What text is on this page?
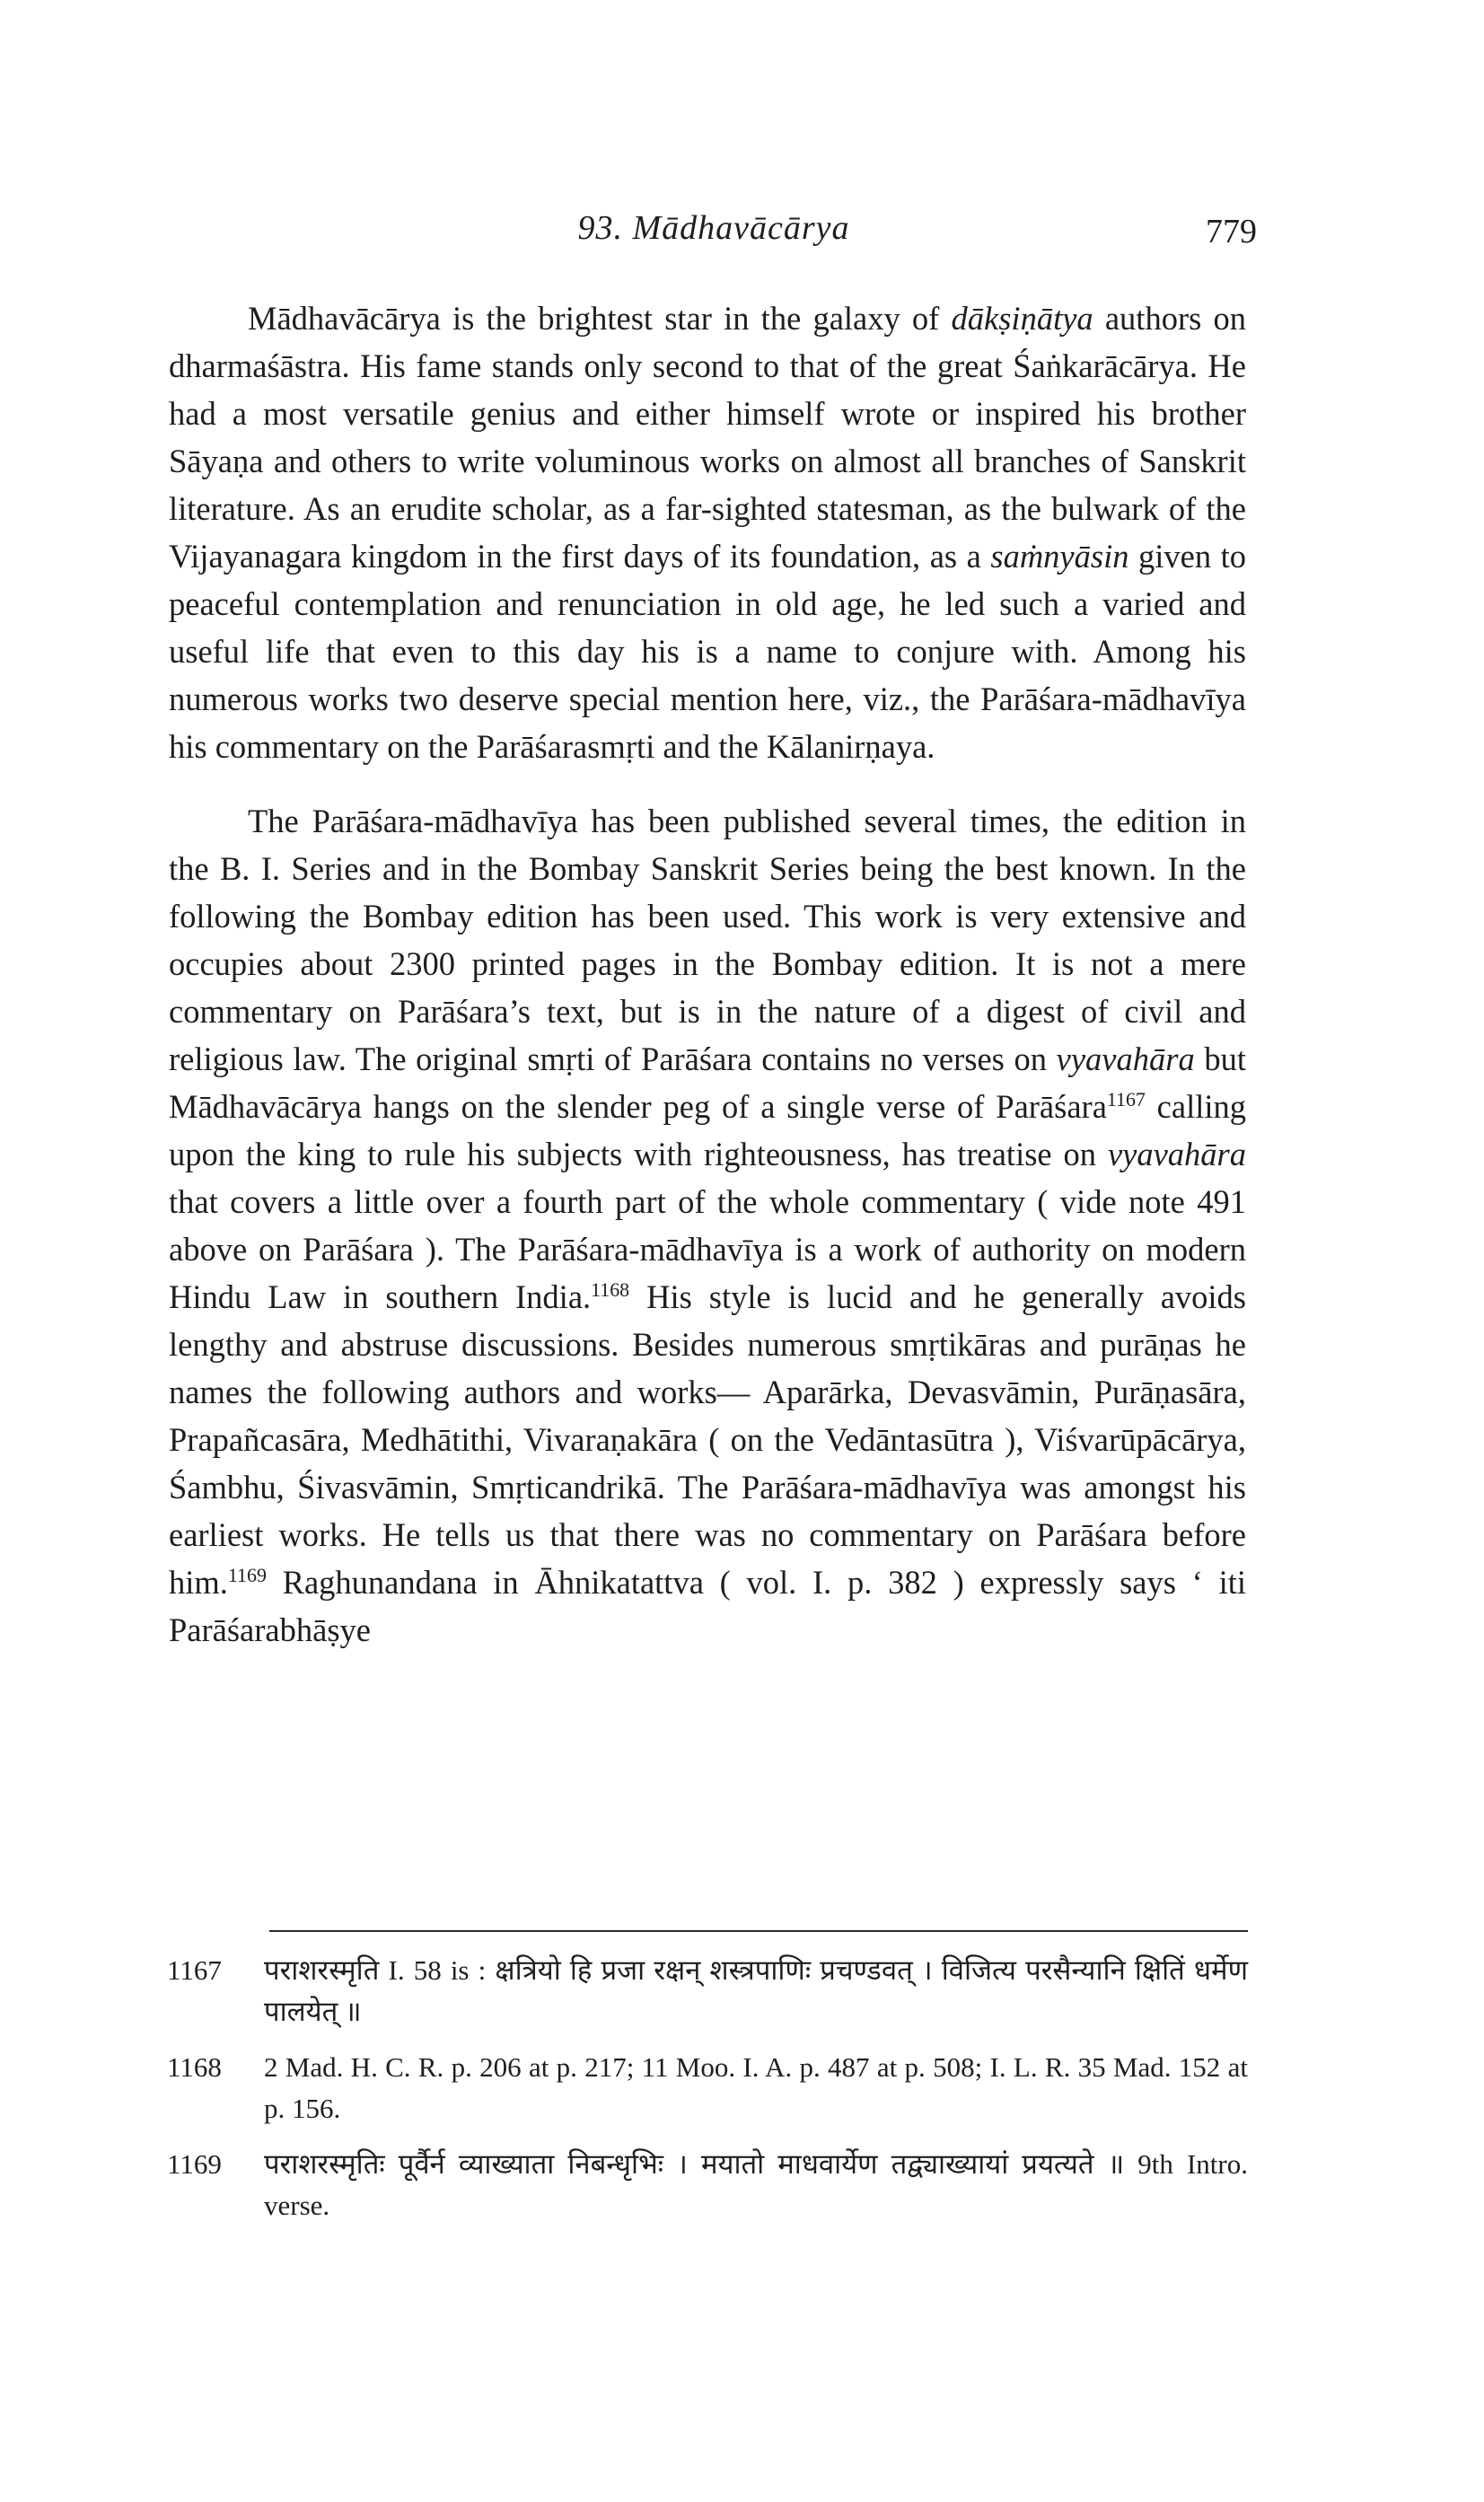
93. Mādhavācārya	779

Mādhavācārya is the brightest star in the galaxy of dākṣiṇātya authors on dharmaśāstra. His fame stands only second to that of the great Śaṅkarācārya. He had a most versatile genius and either himself wrote or inspired his brother Sāyaṇa and others to write voluminous works on almost all branches of Sanskrit literature. As an erudite scholar, as a far-sighted statesman, as the bulwark of the Vijayanagara kingdom in the first days of its foundation, as a saṁnyāsin given to peaceful contemplation and renunciation in old age, he led such a varied and useful life that even to this day his is a name to conjure with. Among his numerous works two deserve special mention here, viz., the Parāśara-mādhavīya his commentary on the Parāśarasmṛti and the Kālanirṇaya.

The Parāśara-mādhavīya has been published several times, the edition in the B. I. Series and in the Bombay Sanskrit Series being the best known. In the following the Bombay edition has been used. This work is very extensive and occupies about 2300 printed pages in the Bombay edition. It is not a mere commentary on Parāśara’s text, but is in the nature of a digest of civil and religious law. The original smṛti of Parāśara contains no verses on vyavahāra but Mādhavācārya hangs on the slender peg of a single verse of Parāśara$^{1167}$ calling upon the king to rule his subjects with righteousness, has treatise on vyavahāra that covers a little over a fourth part of the whole commentary ( vide note 491 above on Parāśara ). The Parāśara-mādhavīya is a work of authority on modern Hindu Law in southern India.$^{1168}$ His style is lucid and he generally avoids lengthy and abstruse discussions. Besides numerous smṛtikāras and purāṇas he names the following authors and works— Aparārka, Devasvāmin, Purāṇasāra, Prapañcasāra, Medhātithi, Vivaraṇakāra ( on the Vedāntasūtra ), Viśvarūpācārya, Śambhu, Śivasvāmin, Smṛticandrikā. The Parāśara-mādhavīya was amongst his earliest works. He tells us that there was no commentary on Parāśara before him.$^{1169}$ Raghunandana in Āhnikatattva ( vol. I. p. 382 ) expressly says ‘ iti Parāśarabhāṣye

1167	पराशरस्मृति I. 58 is : क्षत्रियो हि प्रजा रक्षन् शस्त्रपाणिः प्रचण्डवत् । विजित्य परसैन्यानि क्षितिं धर्मेण पालयेत् ॥
1168	2 Mad. H. C. R. p. 206 at p. 217; 11 Moo. I. A. p. 487 at p. 508; I. L. R. 35 Mad. 152 at p. 156.
1169	पराशरस्मृतिः पूर्वैर्न व्याख्याता निबन्धृभिः । मयातो माधवार्येण तद्व्याख्यायां प्रयत्यते ॥ 9th Intro. verse.
